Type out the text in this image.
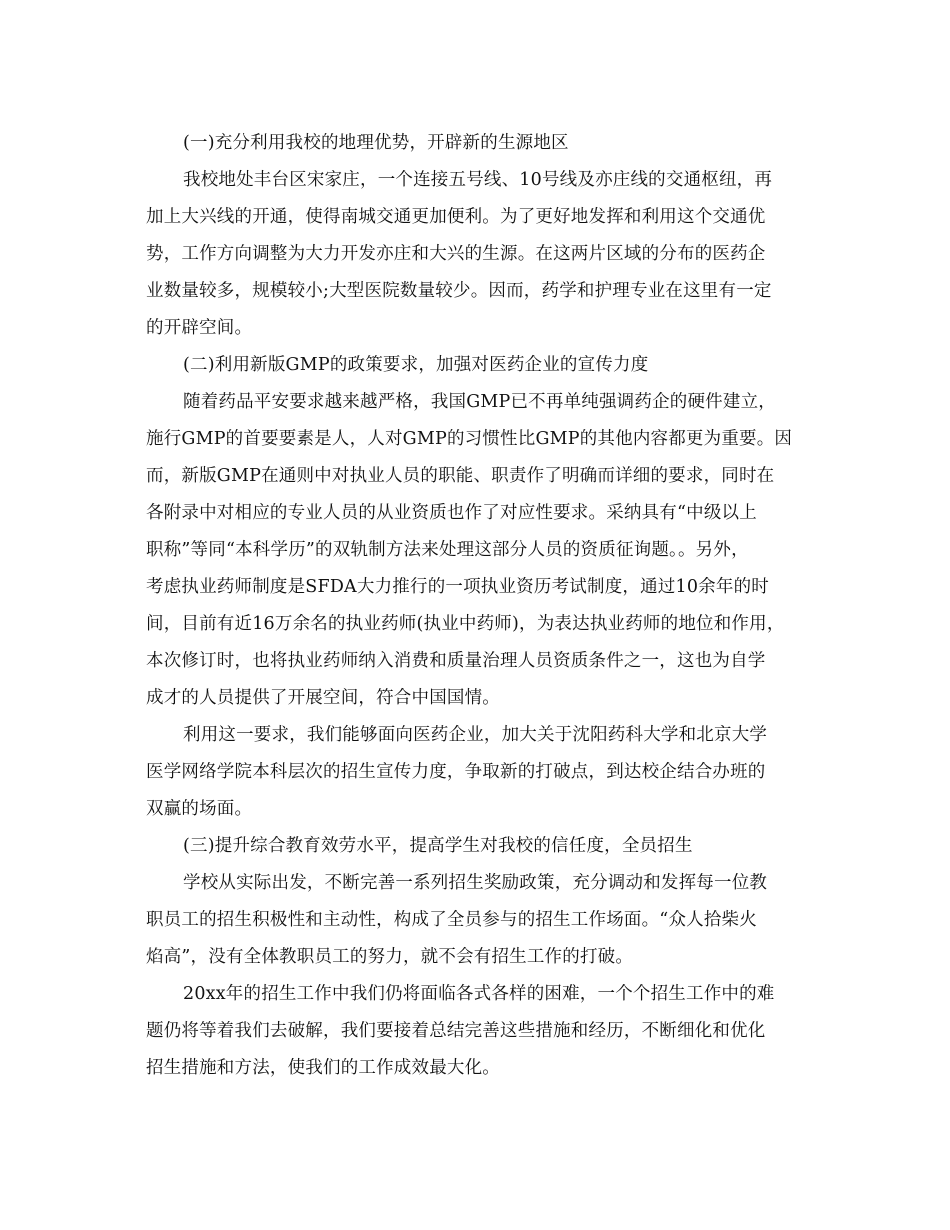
(一)充分利用我校的地理优势，开辟新的生源地区
我校地处丰台区宋家庄，一个连接五号线、10号线及亦庄线的交通枢纽，再
加上大兴线的开通，使得南城交通更加便利。为了更好地发挥和利用这个交通优
势，工作方向调整为大力开发亦庄和大兴的生源。在这两片区域的分布的医药企
业数量较多，规模较小;大型医院数量较少。因而，药学和护理专业在这里有一定
的开辟空间。
(二)利用新版GMP的政策要求，加强对医药企业的宣传力度
随着药品平安要求越来越严格，我国GMP已不再单纯强调药企的硬件建立，
施行GMP的首要要素是人，人对GMP的习惯性比GMP的其他内容都更为重要。因
而，新版GMP在通则中对执业人员的职能、职责作了明确而详细的要求，同时在
各附录中对相应的专业人员的从业资质也作了对应性要求。采纳具有“中级以上
职称”等同“本科学历”的双轨制方法来处理这部分人员的资质征询题。。另外，
考虑执业药师制度是SFDA大力推行的一项执业资历考试制度，通过10余年的时
间，目前有近16万余名的执业药师(执业中药师)，为表达执业药师的地位和作用，
本次修订时，也将执业药师纳入消费和质量治理人员资质条件之一，这也为自学
成才的人员提供了开展空间，符合中国国情。
利用这一要求，我们能够面向医药企业，加大关于沈阳药科大学和北京大学
医学网络学院本科层次的招生宣传力度，争取新的打破点，到达校企结合办班的
双赢的场面。
(三)提升综合教育效劳水平，提高学生对我校的信任度，全员招生
学校从实际出发，不断完善一系列招生奖励政策，充分调动和发挥每一位教
职员工的招生积极性和主动性，构成了全员参与的招生工作场面。“众人拾柴火
焰高”，没有全体教职员工的努力，就不会有招生工作的打破。
20xx年的招生工作中我们仍将面临各式各样的困难，一个个招生工作中的难
题仍将等着我们去破解，我们要接着总结完善这些措施和经历，不断细化和优化
招生措施和方法，使我们的工作成效最大化。
